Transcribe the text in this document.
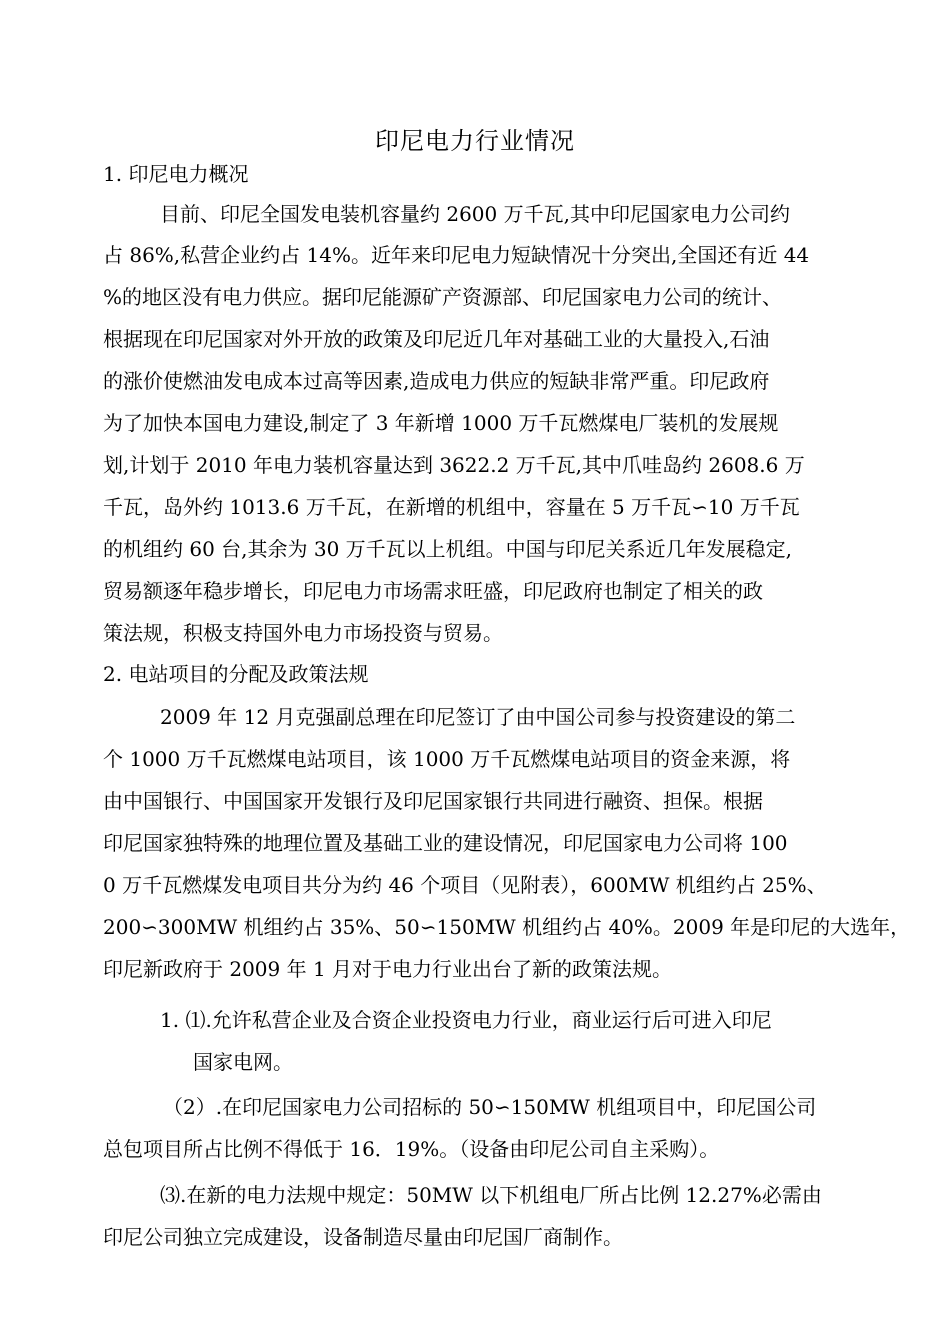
印尼电力行业情况
1. 印尼电力概况
目前、印尼全国发电装机容量约 2600 万千瓦,其中印尼国家电力公司约
占 86%,私营企业约占 14%。近年来印尼电力短缺情况十分突出,全国还有近 44
%的地区没有电力供应。据印尼能源矿产资源部、印尼国家电力公司的统计、
根据现在印尼国家对外开放的政策及印尼近几年对基础工业的大量投入,石油
的涨价使燃油发电成本过高等因素,造成电力供应的短缺非常严重。印尼政府
为了加快本国电力建设,制定了 3 年新增 1000 万千瓦燃煤电厂装机的发展规
划,计划于 2010 年电力装机容量达到 3622.2 万千瓦,其中爪哇岛约 2608.6 万
千瓦，岛外约 1013.6 万千瓦，在新增的机组中，容量在 5 万千瓦∽10 万千瓦
的机组约 60 台,其余为 30 万千瓦以上机组。中国与印尼关系近几年发展稳定,
贸易额逐年稳步增长，印尼电力市场需求旺盛，印尼政府也制定了相关的政
策法规，积极支持国外电力市场投资与贸易。
2. 电站项目的分配及政策法规
2009 年 12 月克强副总理在印尼签订了由中国公司参与投资建设的第二
个 1000 万千瓦燃煤电站项目，该 1000 万千瓦燃煤电站项目的资金来源，将
由中国银行、中国国家开发银行及印尼国家银行共同进行融资、担保。根据
印尼国家独特殊的地理位置及基础工业的建设情况，印尼国家电力公司将 100
0 万千瓦燃煤发电项目共分为约 46 个项目（见附表），600MW 机组约占 25%、
200∽300MW 机组约占 35%、50∽150MW 机组约占 40%。2009 年是印尼的大选年，
印尼新政府于 2009 年 1 月对于电力行业出台了新的政策法规。
1. ⑴.允许私营企业及合资企业投资电力行业，商业运行后可进入印尼
国家电网。
（2）.在印尼国家电力公司招标的 50∽150MW 机组项目中，印尼国公司
总包项目所占比例不得低于 16．19%。（设备由印尼公司自主采购）。
⑶.在新的电力法规中规定：50MW 以下机组电厂所占比例 12.27%必需由
印尼公司独立完成建设，设备制造尽量由印尼国厂商制作。
